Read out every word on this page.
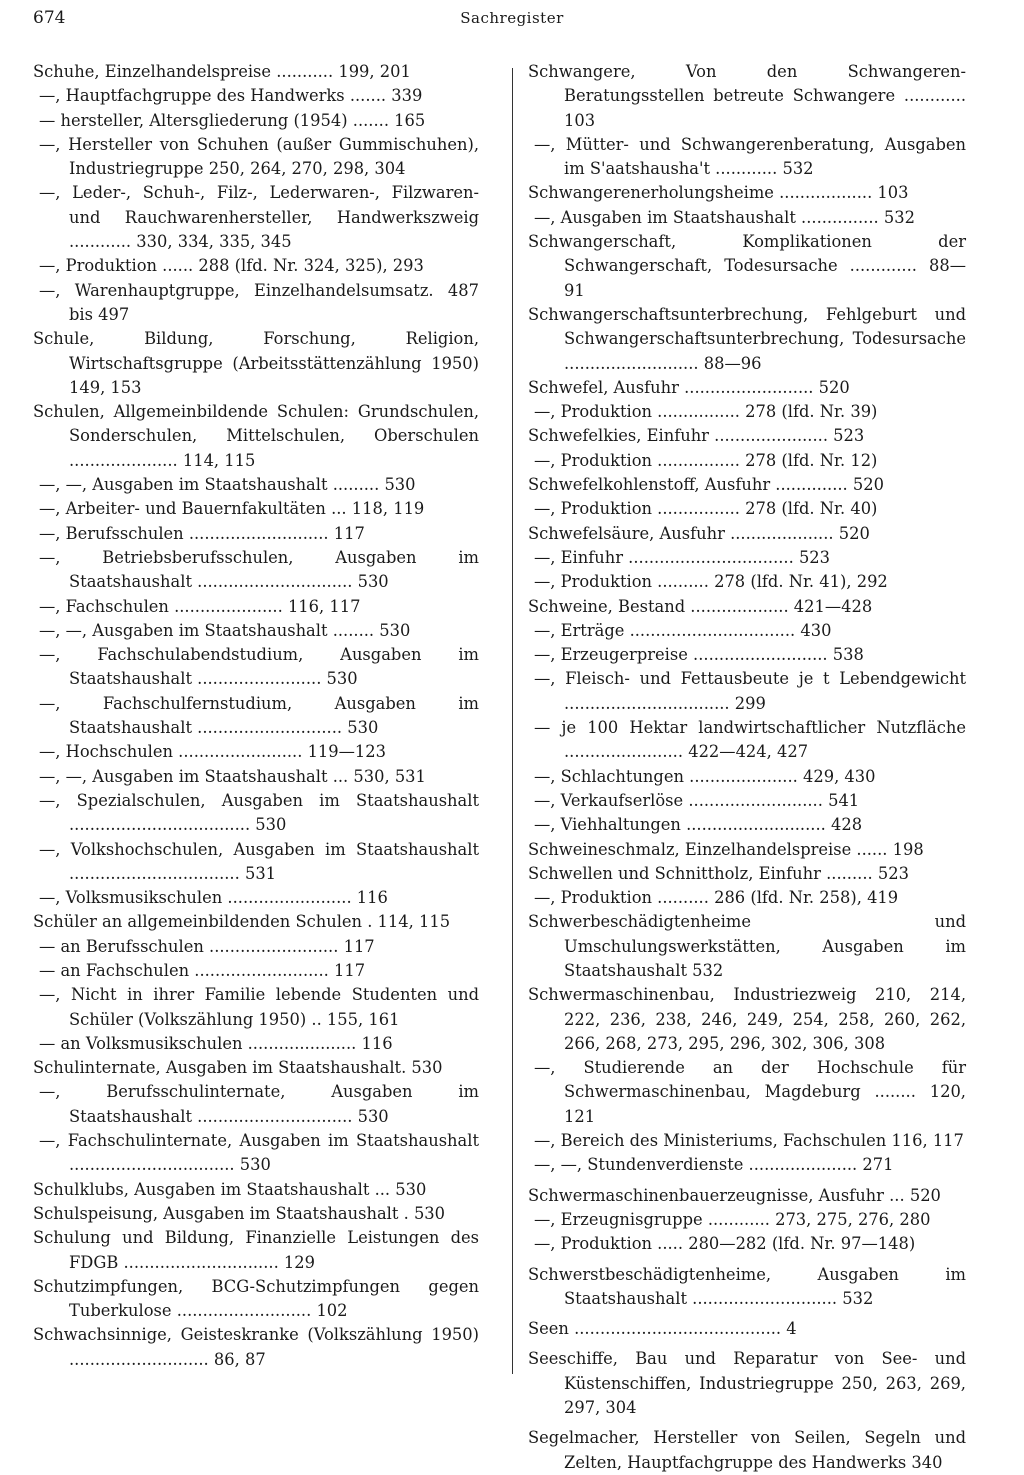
674	Sachregister
Schuhe, Einzelhandelspreise ........... 199, 201
—, Hauptfachgruppe des Handwerks ....... 339
— hersteller, Altersgliederung (1954) ....... 165
—, Hersteller von Schuhen (außer Gummischuhen), Industriegruppe 250, 264, 270, 298, 304
—, Leder-, Schuh-, Filz-, Lederwaren-, Filzwaren- und Rauchwarenhersteller, Handwerkszweig ............ 330, 334, 335, 345
—, Produktion ...... 288 (lfd. Nr. 324, 325), 293
—, Warenhauptgruppe, Einzelhandelsumsatz. 487 bis 497
Schule, Bildung, Forschung, Religion, Wirtschaftsgruppe (Arbeitsstättenzählung 1950) 149, 153
Schulen, Allgemeinbildende Schulen: Grundschulen, Sonderschulen, Mittelschulen, Oberschulen ..................... 114, 115
—, —, Ausgaben im Staatshaushalt ......... 530
—, Arbeiter- und Bauernfakultäten ... 118, 119
—, Berufsschulen ........................... 117
—, Betriebsberufsschulen, Ausgaben im Staatshaushalt .............................. 530
—, Fachschulen ..................... 116, 117
—, —, Ausgaben im Staatshaushalt ........ 530
—, Fachschulabendstudium, Ausgaben im Staatshaushalt ........................ 530
—, Fachschulfernstudium, Ausgaben im Staatshaushalt ............................ 530
—, Hochschulen ........................ 119—123
—, —, Ausgaben im Staatshaushalt ... 530, 531
—, Spezialschulen, Ausgaben im Staatshaushalt ................................... 530
—, Volkshochschulen, Ausgaben im Staatshaushalt ................................. 531
—, Volksmusikschulen ........................ 116
Schüler an allgemeinbildenden Schulen . 114, 115
— an Berufsschulen ......................... 117
— an Fachschulen .......................... 117
—, Nicht in ihrer Familie lebende Studenten und Schüler (Volkszählung 1950) .. 155, 161
— an Volksmusikschulen ..................... 116
Schulinternate, Ausgaben im Staatshaushalt. 530
—, Berufsschulinternate, Ausgaben im Staatshaushalt .............................. 530
—, Fachschulinternate, Ausgaben im Staatshaushalt ................................ 530
Schulklubs, Ausgaben im Staatshaushalt ... 530
Schulspeisung, Ausgaben im Staatshaushalt . 530
Schulung und Bildung, Finanzielle Leistungen des FDGB .............................. 129
Schutzimpfungen, BCG-Schutzimpfungen gegen Tuberkulose .......................... 102
Schwachsinnige, Geisteskranke (Volkszählung 1950) ........................... 86, 87
Schwangere, Von den Schwangeren-Beratungsstellen betreute Schwangere ............ 103
—, Mütter- und Schwangerenberatung, Ausgaben im S'aatshausha't ............ 532
Schwangerenerholungsheime .................. 103
—, Ausgaben im Staatshaushalt ............... 532
Schwangerschaft, Komplikationen der Schwangerschaft, Todesursache ............. 88—91
Schwangerschaftsunterbrechung, Fehlgeburt und Schwangerschaftsunterbrechung, Todesursache .......................... 88—96
Schwefel, Ausfuhr ......................... 520
—, Produktion ................ 278 (lfd. Nr. 39)
Schwefelkies, Einfuhr ...................... 523
—, Produktion ................ 278 (lfd. Nr. 12)
Schwefelkohlenstoff, Ausfuhr .............. 520
—, Produktion ................ 278 (lfd. Nr. 40)
Schwefelsäure, Ausfuhr .................... 520
—, Einfuhr ................................ 523
—, Produktion .......... 278 (lfd. Nr. 41), 292
Schweine, Bestand ................... 421—428
—, Erträge ................................ 430
—, Erzeugerpreise .......................... 538
—, Fleisch- und Fettausbeute je t Lebendgewicht ................................ 299
— je 100 Hektar landwirtschaftlicher Nutzfläche ....................... 422—424, 427
—, Schlachtungen ..................... 429, 430
—, Verkaufserlöse .......................... 541
—, Viehhaltungen ........................... 428
Schweineschmalz, Einzelhandelspreise ...... 198
Schwellen und Schnittholz, Einfuhr ......... 523
—, Produktion .......... 286 (lfd. Nr. 258), 419
Schwerbeschädigtenheime und Umschulungswerkstätten, Ausgaben im Staatshaushalt 532
Schwermaschinenbau, Industriezweig 210, 214, 222, 236, 238, 246, 249, 254, 258, 260, 262, 266, 268, 273, 295, 296, 302, 306, 308
—, Studierende an der Hochschule für Schwermaschinenbau, Magdeburg ........ 120, 121
—, Bereich des Ministeriums, Fachschulen 116, 117
—, —, Stundenverdienste ..................... 271
Schwermaschinenbauerzeugnisse, Ausfuhr ... 520
—, Erzeugnisgruppe ............ 273, 275, 276, 280
—, Produktion ..... 280—282 (lfd. Nr. 97—148)
Schwerstbeschädigtenheime, Ausgaben im Staatshaushalt ............................ 532
Seen ........................................ 4
Seeschiffe, Bau und Reparatur von See- und Küstenschiffen, Industriegruppe 250, 263, 269, 297, 304
Segelmacher, Hersteller von Seilen, Segeln und Zelten, Hauptfachgruppe des Handwerks 340
